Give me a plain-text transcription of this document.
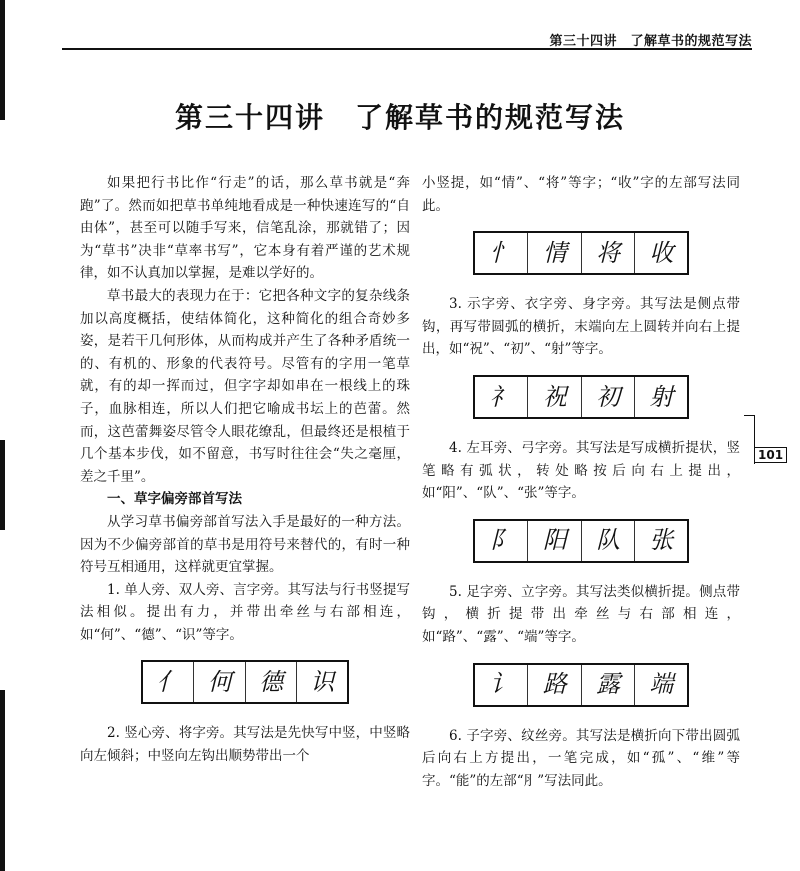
第三十四讲　了解草书的规范写法
第三十四讲　了解草书的规范写法
101

如果把行书比作“行走”的话，那么草书就是“奔跑”了。然而如把草书单纯地看成是一种快速连写的“自由体”，甚至可以随手写来，信笔乱涂，那就错了；因为“草书”决非“草率书写”，它本身有着严谨的艺术规律，如不认真加以掌握，是难以学好的。

草书最大的表现力在于：它把各种文字的复杂线条加以高度概括，使结体简化，这种简化的组合奇妙多姿，是若干几何形体，从而构成并产生了各种矛盾统一的、有机的、形象的代表符号。尽管有的字用一笔草就，有的却一挥而过，但字字却如串在一根线上的珠子，血脉相连，所以人们把它喻成书坛上的芭蕾。然而，这芭蕾舞姿尽管令人眼花缭乱，但最终还是根植于几个基本步伐，如不留意，书写时往往会“失之毫厘，差之千里”。

一、草字偏旁部首写法

从学习草书偏旁部首写法入手是最好的一种方法。因为不少偏旁部首的草书是用符号来替代的，有时一种符号互相通用，这样就更宜掌握。

1. 单人旁、双人旁、言字旁。其写法与行书竖提写法相似。提出有力，并带出牵丝与右部相连，如“何”、“德”、“识”等字。

亻	何	德	识

2. 竖心旁、将字旁。其写法是先快写中竖，中竖略向左倾斜；中竖向左钩出顺势带出一个

小竖提，如“情”、“将”等字；“收”字的左部写法同此。

忄	情	将	收

3. 示字旁、衣字旁、身字旁。其写法是侧点带钩，再写带圆弧的横折，末端向左上圆转并向右上提出，如“祝”、“初”、“射”等字。

礻	祝	初	射

4. 左耳旁、弓字旁。其写法是写成横折提状，竖笔略有弧状，转处略按后向右上提出，如“阳”、“队”、“张”等字。

阝	阳	队	张

5. 足字旁、立字旁。其写法类似横折提。侧点带钩，横折提带出牵丝与右部相连，如“路”、“露”、“端”等字。

讠	路	露	端

6. 子字旁、纹丝旁。其写法是横折向下带出圆弧后向右上方提出，一笔完成，如“孤”、“维”等字。“能”的左部“⺼”写法同此。
